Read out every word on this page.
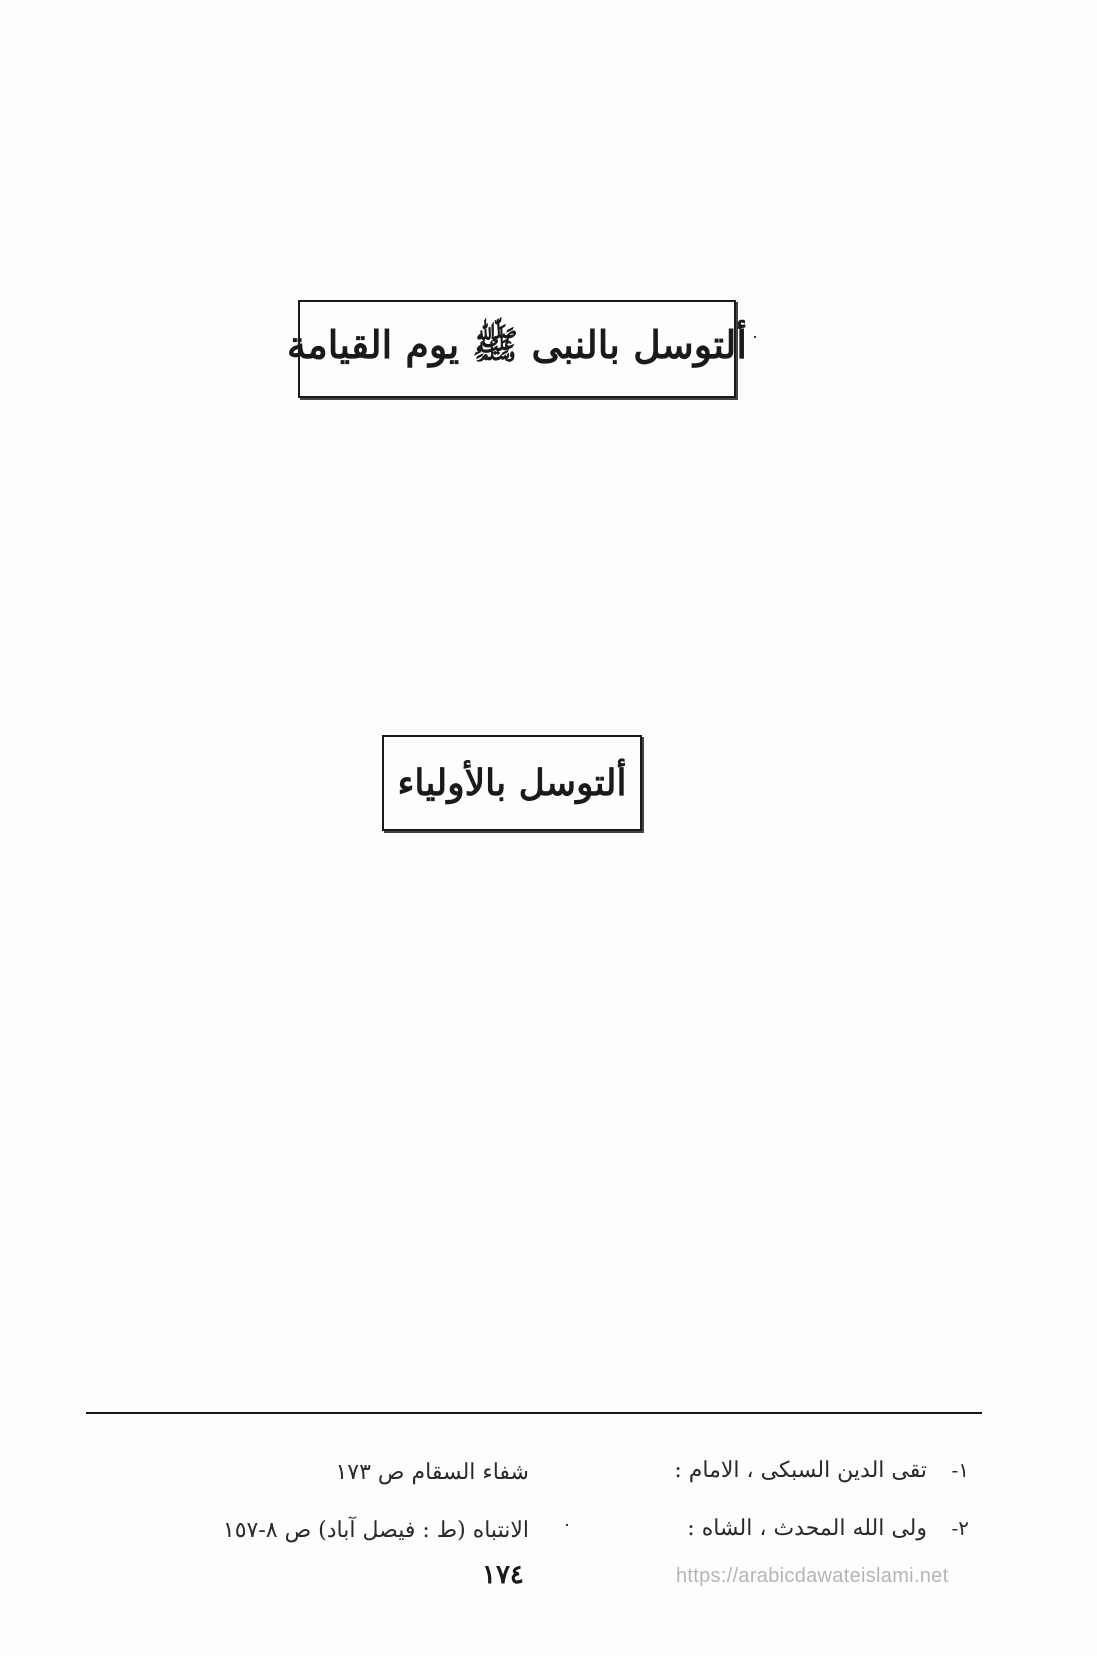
ألتوسل بالنبى ﷺ يوم القيامة
ألتوسل بالأولياء
١-
تقى الدين السبكى ، الامام :
شفاء السقام ص ١٧٣
٢-
ولى الله المحدث ، الشاه :
الانتباه (ط : فيصل آباد) ص ٨-١٥٧
١٧٤	https://arabicdawateislami.net
